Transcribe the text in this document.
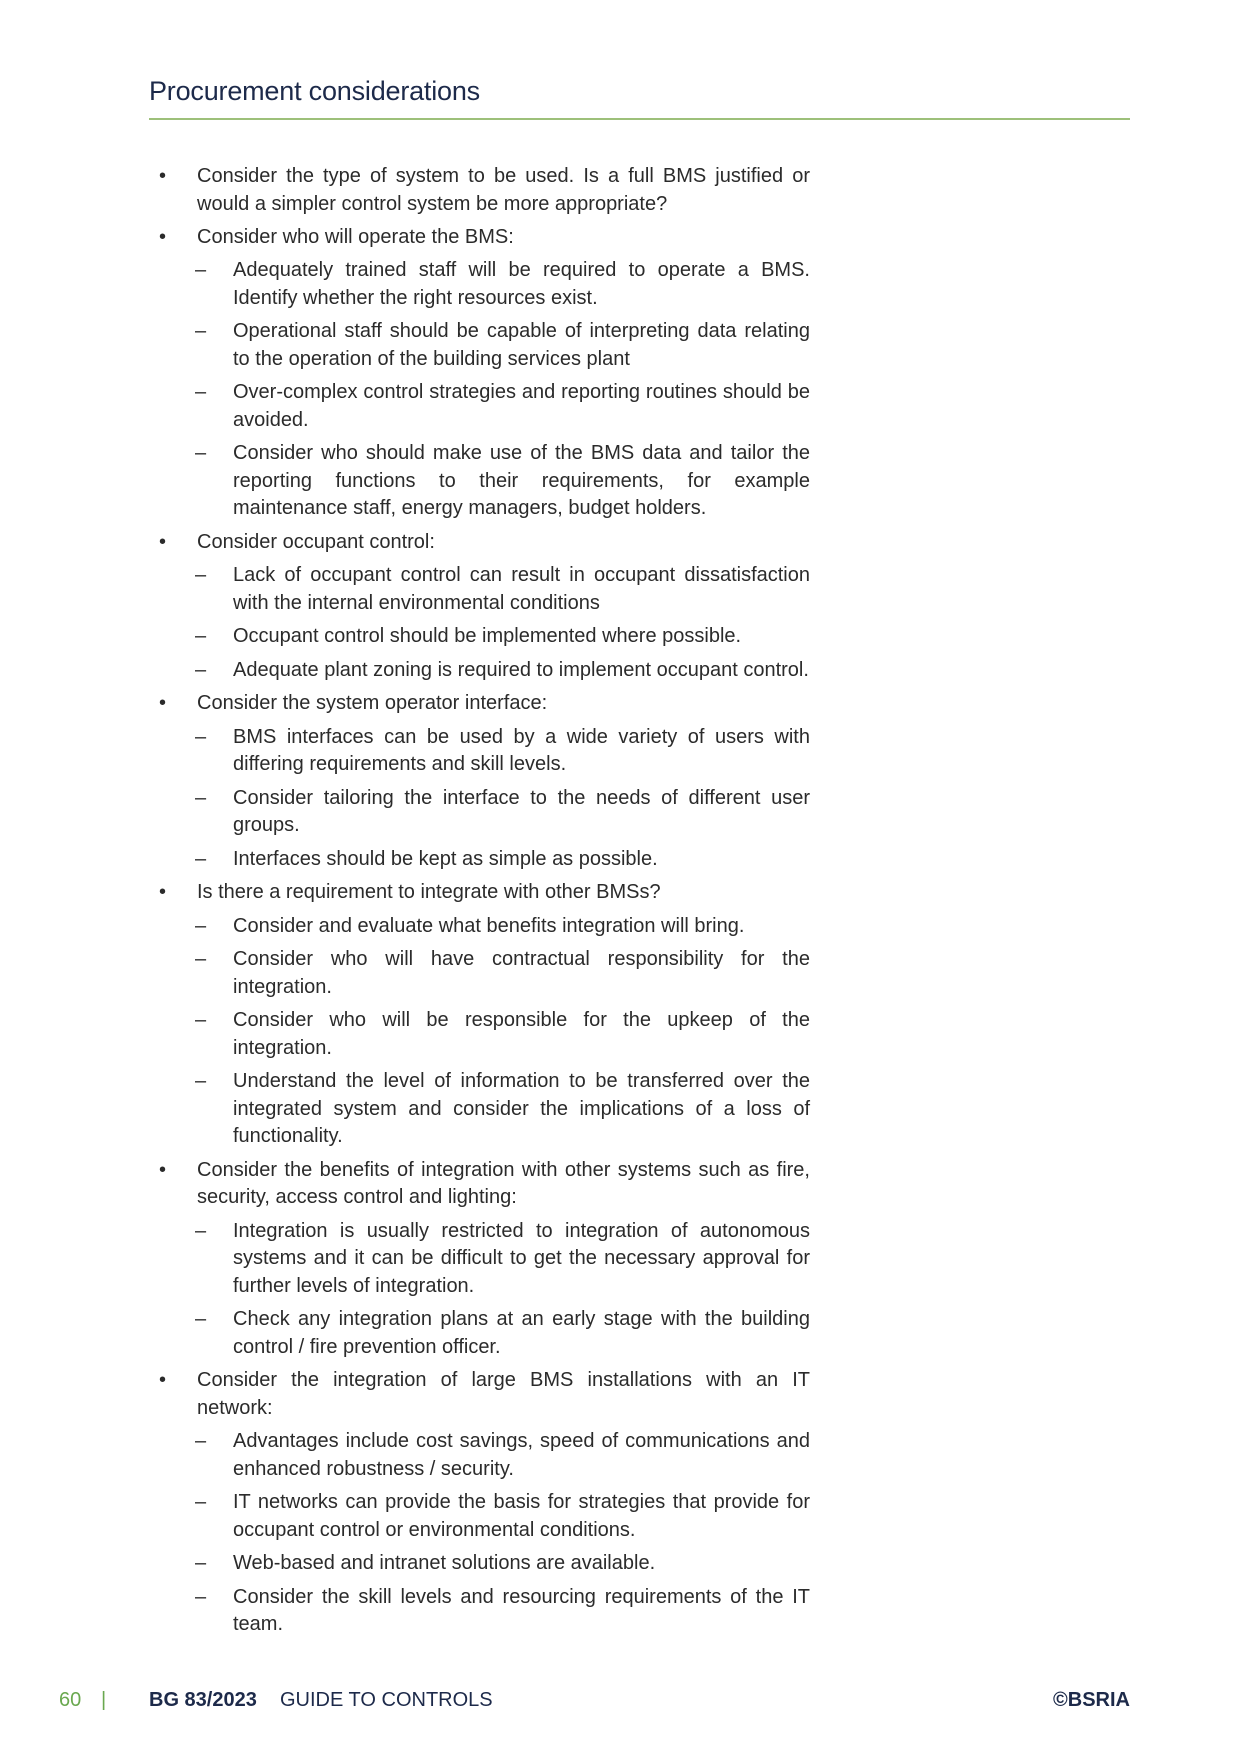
Procurement considerations
• Consider the type of system to be used. Is a full BMS justified or would a simpler control system be more appropriate?
• Consider who will operate the BMS:
– Adequately trained staff will be required to operate a BMS. Identify whether the right resources exist.
– Operational staff should be capable of interpreting data relating to the operation of the building services plant
– Over-complex control strategies and reporting routines should be avoided.
– Consider who should make use of the BMS data and tailor the reporting functions to their requirements, for example maintenance staff, energy managers, budget holders.
• Consider occupant control:
– Lack of occupant control can result in occupant dissatisfaction with the internal environmental conditions
– Occupant control should be implemented where possible.
– Adequate plant zoning is required to implement occupant control.
• Consider the system operator interface:
– BMS interfaces can be used by a wide variety of users with differing requirements and skill levels.
– Consider tailoring the interface to the needs of different user groups.
– Interfaces should be kept as simple as possible.
• Is there a requirement to integrate with other BMSs?
– Consider and evaluate what benefits integration will bring.
– Consider who will have contractual responsibility for the integration.
– Consider who will be responsible for the upkeep of the integration.
– Understand the level of information to be transferred over the integrated system and consider the implications of a loss of functionality.
• Consider the benefits of integration with other systems such as fire, security, access control and lighting:
– Integration is usually restricted to integration of autonomous systems and it can be difficult to get the necessary approval for further levels of integration.
– Check any integration plans at an early stage with the building control / fire prevention officer.
• Consider the integration of large BMS installations with an IT network:
– Advantages include cost savings, speed of communications and enhanced robustness / security.
– IT networks can provide the basis for strategies that provide for occupant control or environmental conditions.
– Web-based and intranet solutions are available.
– Consider the skill levels and resourcing requirements of the IT team.
60 | BG 83/2023 GUIDE TO CONTROLS	©BSRIA
